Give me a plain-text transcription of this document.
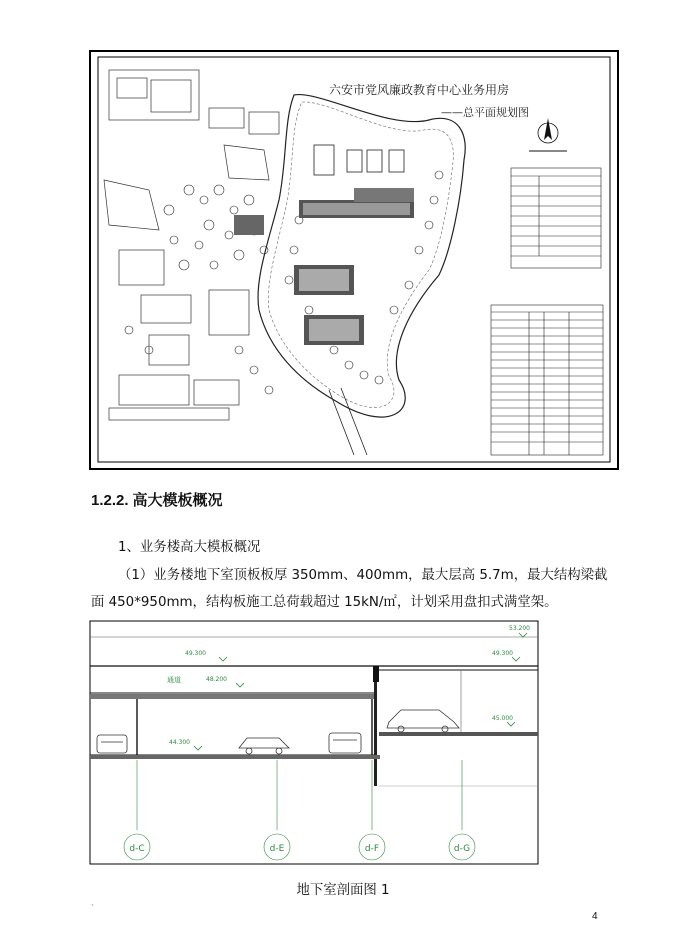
六安市党风廉政教育中心业务用房
——总平面规划图
1.2.2. 高大模板概况
1、业务楼高大模板概况
（1）业务楼地下室顶板板厚 350mm、400mm，最大层高 5.7m，最大结构梁截
面 450*950mm，结构板施工总荷载超过 15kN/㎡，计划采用盘扣式满堂架。
53.200
49.300	49.300
48.200
45.000
44.300
通道
d-C	d-E	d-F	d-G
地下室剖面图 1
、
4
